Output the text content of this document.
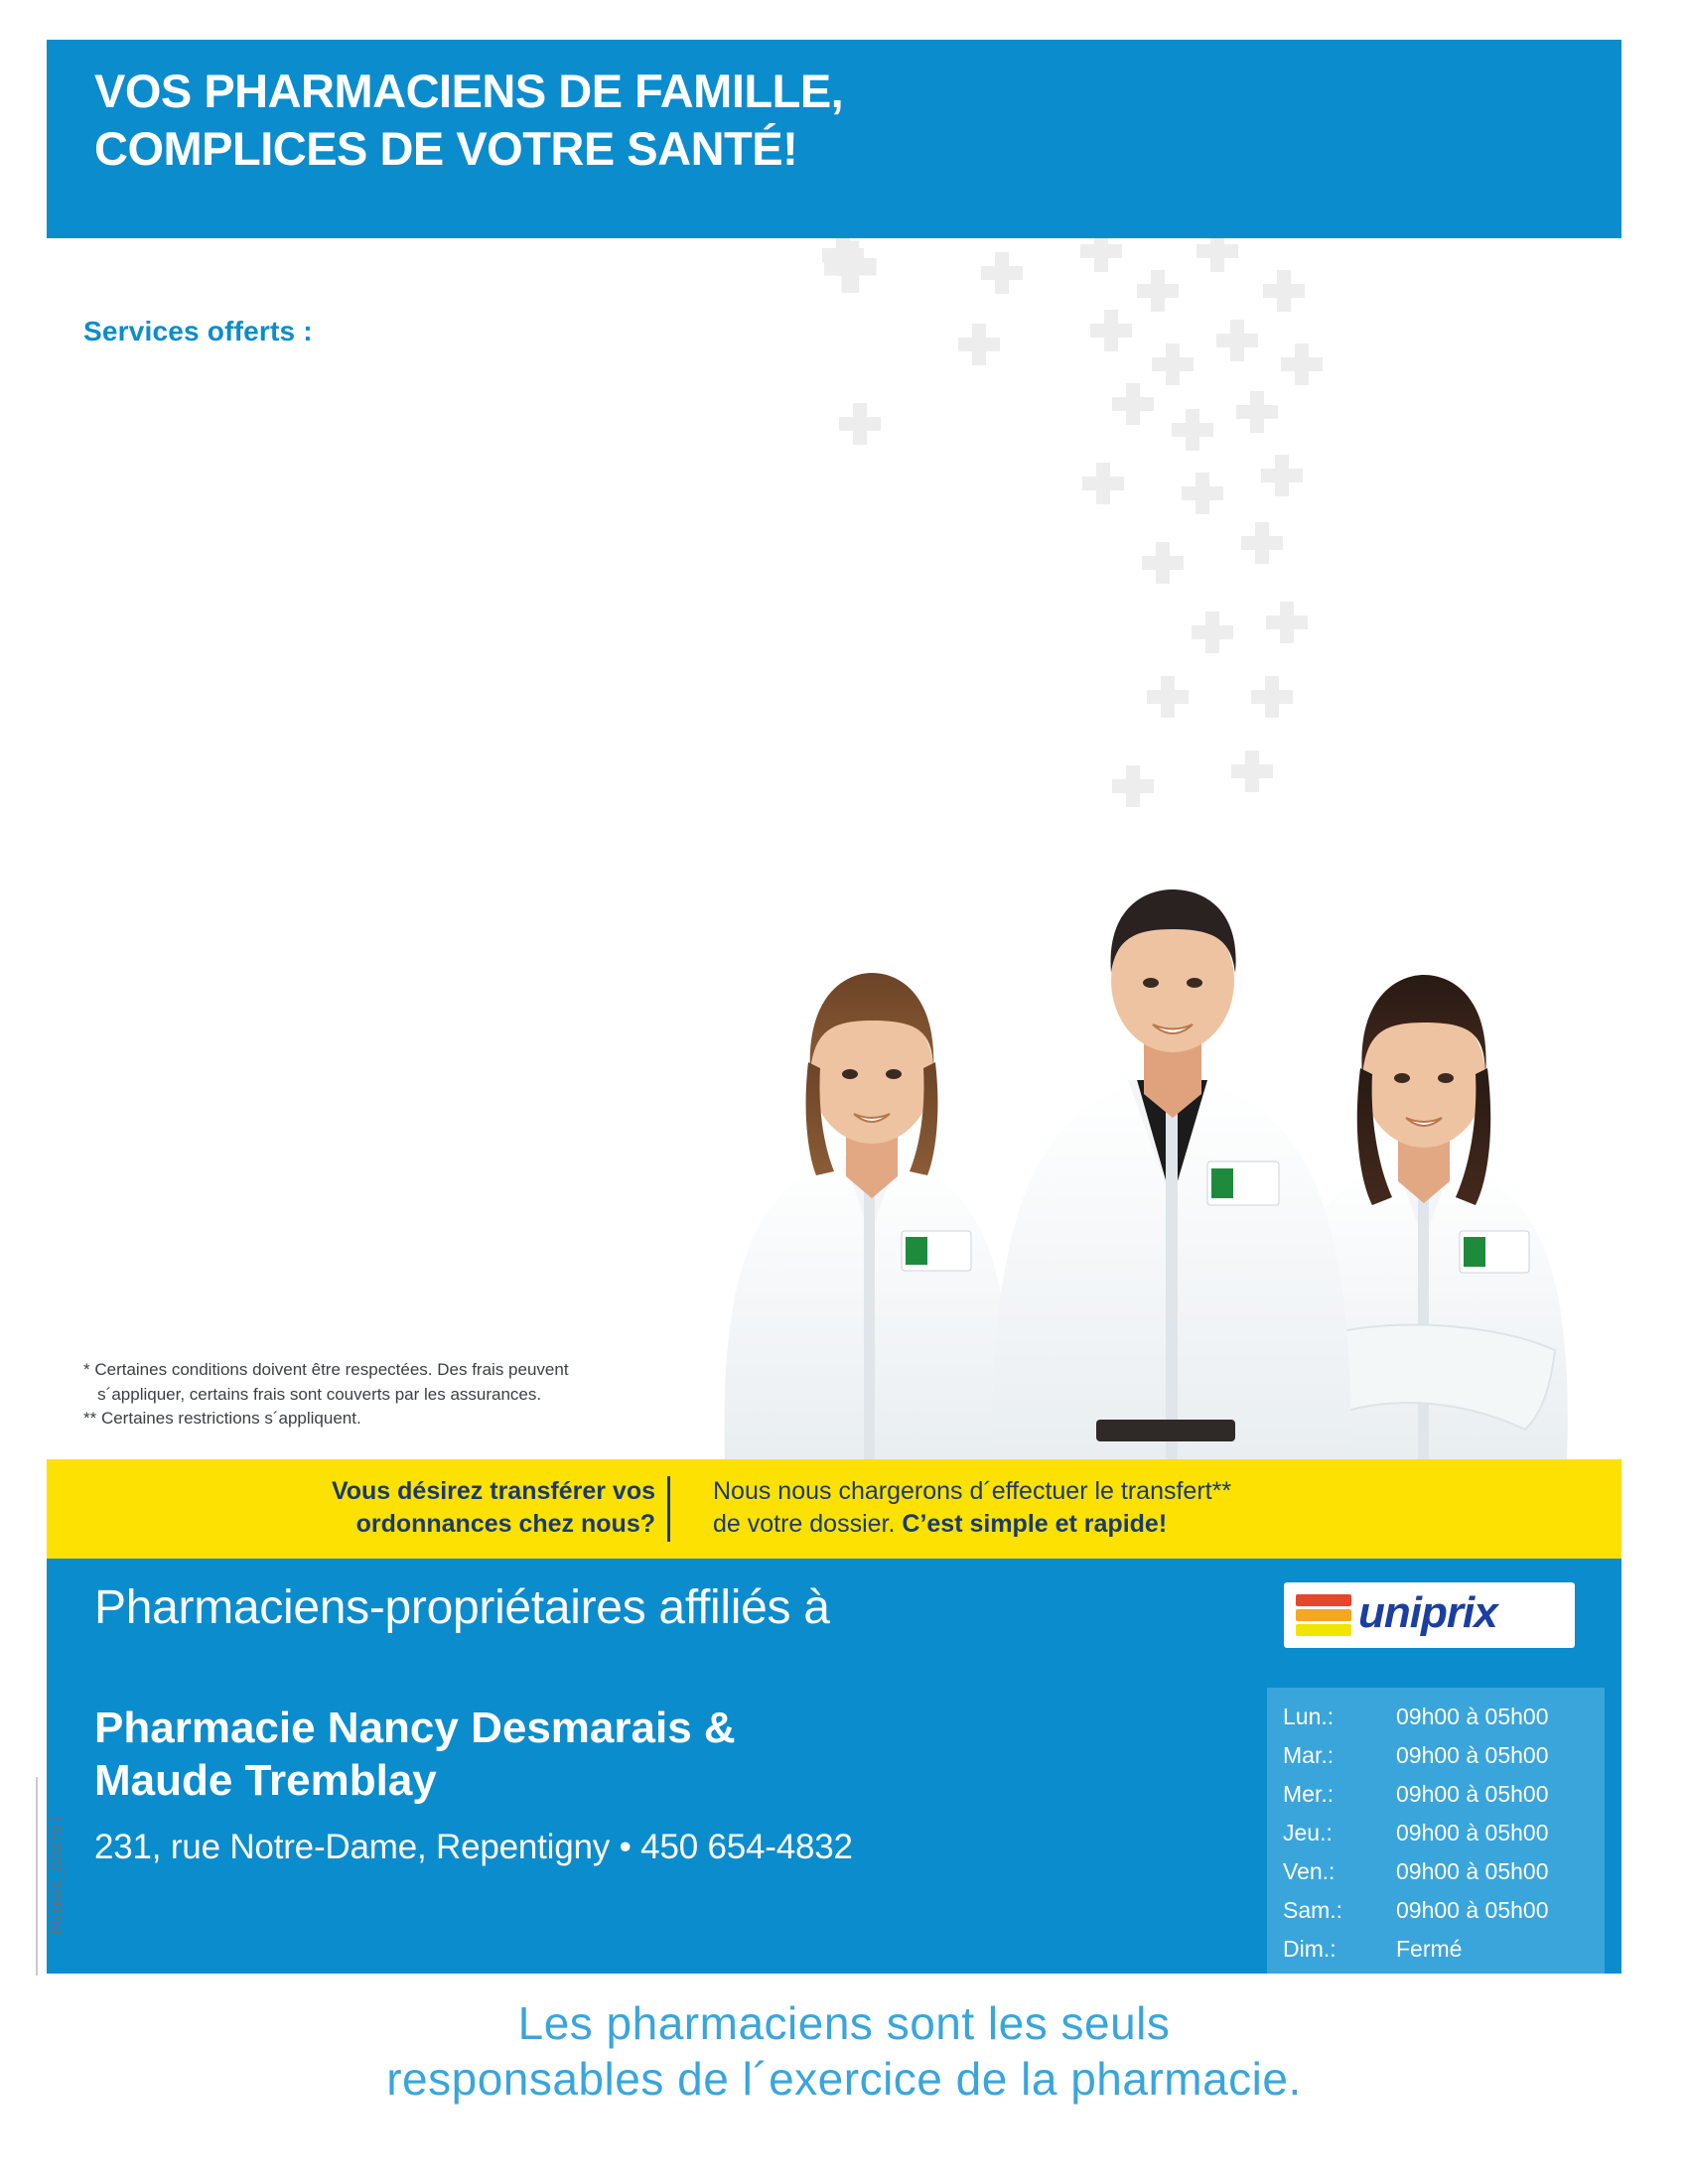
VOS PHARMACIENS DE FAMILLE,
COMPLICES DE VOTRE SANTÉ!
Services offerts :
* Certaines conditions doivent être respectées. Des frais peuvent
s´appliquer, certains frais sont couverts par les assurances.
** Certaines restrictions s´appliquent.
Vous désirez transférer vos
ordonnances chez nous?
Nous nous chargerons d´effectuer le transfert**
de votre dossier. C’est simple et rapide!
Pharmaciens-propriétaires affiliés à	uniprix
Pharmacie Nancy Desmarais &
Maude Tremblay
231, rue Notre-Dame, Repentigny • 450 654-4832
Lun.:	09h00 à 05h00
Mar.:	09h00 à 05h00
Mer.:	09h00 à 05h00
Jeu.:	09h00 à 05h00
Ven.:	09h00 à 05h00
Sam.:	09h00 à 05h00
Dim.:	Fermé
Les pharmaciens sont les seuls
responsables de l´exercice de la pharmacie.
P01668_D0979 I
